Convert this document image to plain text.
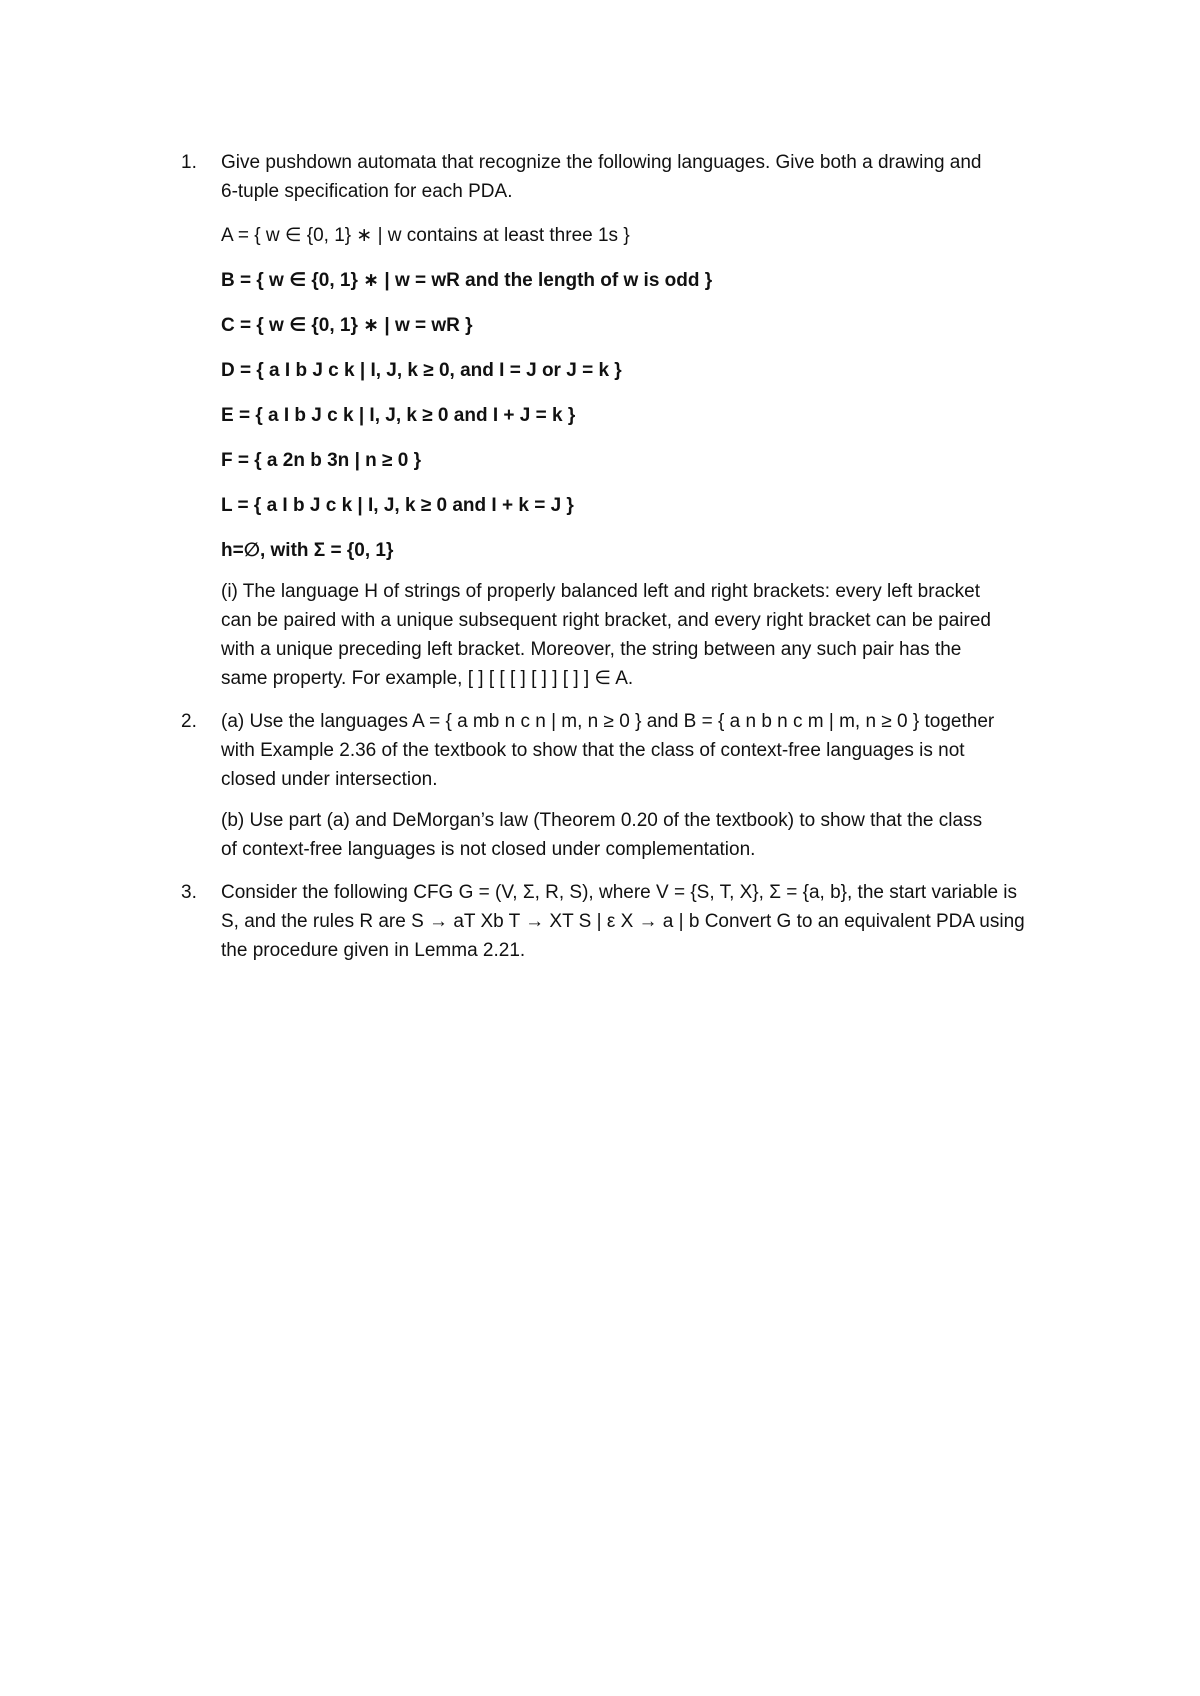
1. Give pushdown automata that recognize the following languages. Give both a drawing and

6-tuple specification for each PDA.

A = { w ∈ {0, 1} ∗ | w contains at least three 1s }

B = { w ∈ {0, 1} ∗ | w = wR and the length of w is odd }

C = { w ∈ {0, 1} ∗ | w = wR }

D = { a I b J c k | I, J, k ≥ 0, and I = J or J = k }

E = { a I b J c k | I, J, k ≥ 0 and I + J = k }

F = { a 2n b 3n | n ≥ 0 }

L = { a I b J c k | I, J, k ≥ 0 and I + k = J }

h=∅, with Σ = {0, 1}

(i) The language H of strings of properly balanced left and right brackets: every left bracket

can be paired with a unique subsequent right bracket, and every right bracket can be paired

with a unique preceding left bracket. Moreover, the string between any such pair has the

same property. For example, [ ] [ [ [ ] [ ] ] [ ] ] ∈ A.

2. (a) Use the languages A = { a mb n c n | m, n ≥ 0 } and B = { a n b n c m | m, n ≥ 0 } together

with Example 2.36 of the textbook to show that the class of context-free languages is not

closed under intersection.

(b) Use part (a) and DeMorgan’s law (Theorem 0.20 of the textbook) to show that the class

of context-free languages is not closed under complementation.

3. Consider the following CFG G = (V, Σ, R, S), where V = {S, T, X}, Σ = {a, b}, the start variable is

S, and the rules R are S → aT Xb T → XT S | ε X → a | b Convert G to an equivalent PDA using

the procedure given in Lemma 2.21.
